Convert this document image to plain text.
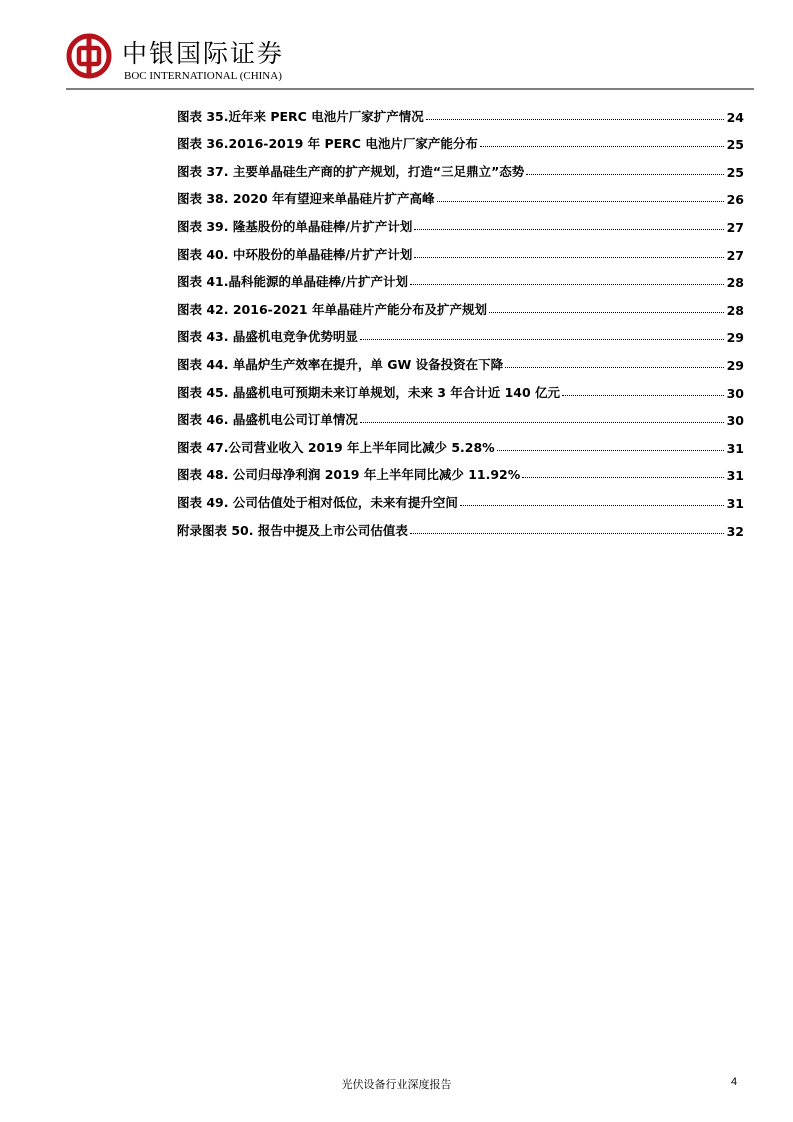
中银国际证券
BOC INTERNATIONAL (CHINA)
图表 35.近年来 PERC 电池片厂家扩产情况	24
图表 36.2016-2019 年 PERC 电池片厂家产能分布	25
图表 37. 主要单晶硅生产商的扩产规划，打造“三足鼎立”态势	25
图表 38. 2020 年有望迎来单晶硅片扩产高峰	26
图表 39. 隆基股份的单晶硅棒/片扩产计划	27
图表 40. 中环股份的单晶硅棒/片扩产计划	27
图表 41.晶科能源的单晶硅棒/片扩产计划	28
图表 42. 2016-2021 年单晶硅片产能分布及扩产规划	28
图表 43. 晶盛机电竞争优势明显	29
图表 44. 单晶炉生产效率在提升，单 GW 设备投资在下降	29
图表 45. 晶盛机电可预期未来订单规划，未来 3 年合计近 140 亿元	30
图表 46. 晶盛机电公司订单情况	30
图表 47.公司营业收入 2019 年上半年同比减少 5.28%	31
图表 48. 公司归母净利润 2019 年上半年同比减少 11.92%	31
图表 49. 公司估值处于相对低位，未来有提升空间	31
附录图表 50. 报告中提及上市公司估值表	32
光伏设备行业深度报告	4
